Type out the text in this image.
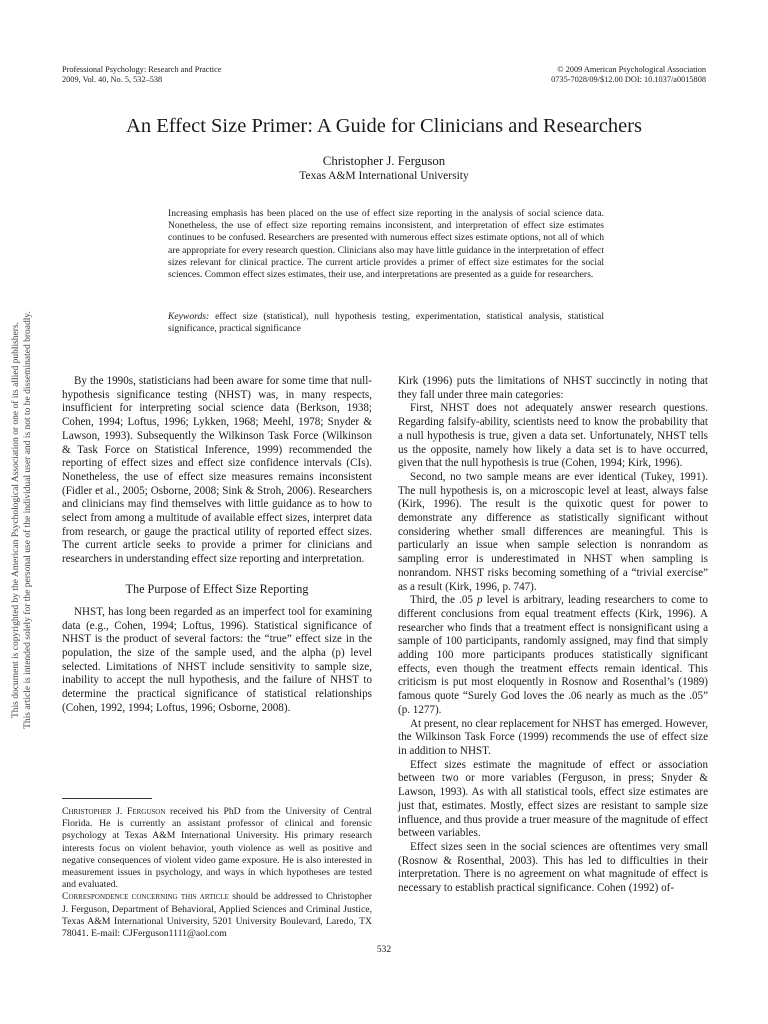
Professional Psychology: Research and Practice
2009, Vol. 40, No. 5, 532–538
© 2009 American Psychological Association
0735-7028/09/$12.00 DOI: 10.1037/a0015808
This document is copyrighted by the American Psychological Association or one of its allied publishers. This article is intended solely for the personal use of the individual user and is not to be disseminated broadly.
An Effect Size Primer: A Guide for Clinicians and Researchers
Christopher J. Ferguson
Texas A&M International University

Increasing emphasis has been placed on the use of effect size reporting in the analysis of social science data. Nonetheless, the use of effect size reporting remains inconsistent, and interpretation of effect size estimates continues to be confused. Researchers are presented with numerous effect sizes estimate options, not all of which are appropriate for every research question. Clinicians also may have little guidance in the interpretation of effect sizes relevant for clinical practice. The current article provides a primer of effect size estimates for the social sciences. Common effect sizes estimates, their use, and interpretations are presented as a guide for researchers.

Keywords: effect size (statistical), null hypothesis testing, experimentation, statistical analysis, statistical significance, practical significance

By the 1990s, statisticians had been aware for some time that null-hypothesis significance testing (NHST) was, in many respects, insufficient for interpreting social science data (Berkson, 1938; Cohen, 1994; Loftus, 1996; Lykken, 1968; Meehl, 1978; Snyder & Lawson, 1993). Subsequently the Wilkinson Task Force (Wilkinson & Task Force on Statistical Inference, 1999) recommended the reporting of effect sizes and effect size confidence intervals (CIs). Nonetheless, the use of effect size measures remains inconsistent (Fidler et al., 2005; Osborne, 2008; Sink & Stroh, 2006). Researchers and clinicians may find themselves with little guidance as to how to select from among a multitude of available effect sizes, interpret data from research, or gauge the practical utility of reported effect sizes. The current article seeks to provide a primer for clinicians and researchers in understanding effect size reporting and interpretation.

The Purpose of Effect Size Reporting

NHST, has long been regarded as an imperfect tool for examining data (e.g., Cohen, 1994; Loftus, 1996). Statistical significance of NHST is the product of several factors: the “true” effect size in the population, the size of the sample used, and the alpha (p) level selected. Limitations of NHST include sensitivity to sample size, inability to accept the null hypothesis, and the failure of NHST to determine the practical significance of statistical relationships (Cohen, 1992, 1994; Loftus, 1996; Osborne, 2008).

Christopher J. Ferguson received his PhD from the University of Central Florida. He is currently an assistant professor of clinical and forensic psychology at Texas A&M International University. His primary research interests focus on violent behavior, youth violence as well as positive and negative consequences of violent video game exposure. He is also interested in measurement issues in psychology, and ways in which hypotheses are tested and evaluated.

Correspondence concerning this article should be addressed to Christopher J. Ferguson, Department of Behavioral, Applied Sciences and Criminal Justice, Texas A&M International University, 5201 University Boulevard, Laredo, TX 78041. E-mail: CJFerguson1111@aol.com

Kirk (1996) puts the limitations of NHST succinctly in noting that they fall under three main categories:

First, NHST does not adequately answer research questions. Regarding falsify-ability, scientists need to know the probability that a null hypothesis is true, given a data set. Unfortunately, NHST tells us the opposite, namely how likely a data set is to have occurred, given that the null hypothesis is true (Cohen, 1994; Kirk, 1996).

Second, no two sample means are ever identical (Tukey, 1991). The null hypothesis is, on a microscopic level at least, always false (Kirk, 1996). The result is the quixotic quest for power to demonstrate any difference as statistically significant without considering whether small differences are meaningful. This is particularly an issue when sample selection is nonrandom as sampling error is underestimated in NHST when sampling is nonrandom. NHST risks becoming something of a “trivial exercise” as a result (Kirk, 1996, p. 747).

Third, the .05 p level is arbitrary, leading researchers to come to different conclusions from equal treatment effects (Kirk, 1996). A researcher who finds that a treatment effect is nonsignificant using a sample of 100 participants, randomly assigned, may find that simply adding 100 more participants produces statistically significant effects, even though the treatment effects remain identical. This criticism is put most eloquently in Rosnow and Rosenthal’s (1989) famous quote “Surely God loves the .06 nearly as much as the .05” (p. 1277).

At present, no clear replacement for NHST has emerged. However, the Wilkinson Task Force (1999) recommends the use of effect size in addition to NHST.

Effect sizes estimate the magnitude of effect or association between two or more variables (Ferguson, in press; Snyder & Lawson, 1993). As with all statistical tools, effect size estimates are just that, estimates. Mostly, effect sizes are resistant to sample size influence, and thus provide a truer measure of the magnitude of effect between variables.

Effect sizes seen in the social sciences are oftentimes very small (Rosnow & Rosenthal, 2003). This has led to difficulties in their interpretation. There is no agreement on what magnitude of effect is necessary to establish practical significance. Cohen (1992) of-

532
